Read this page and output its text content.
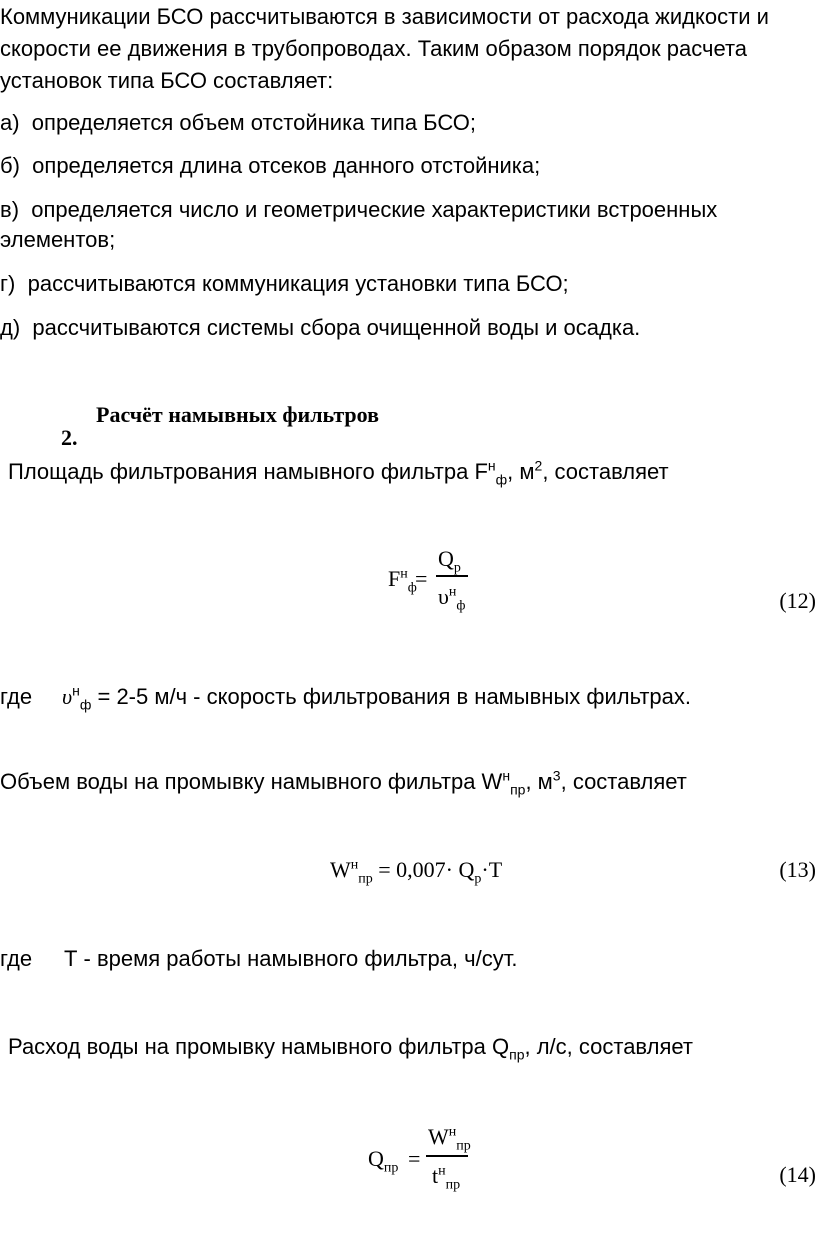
Коммуникации БСО рассчитываются в зависимости от расхода жидкости и
скорости ее движения в трубопроводах. Таким образом порядок расчета
установок типа БСО составляет:
а) определяется объем отстойника типа БСО;
б) определяется длина отсеков данного отстойника;
в) определяется число и геометрические характеристики встроенных
элементов;
г) рассчитываются коммуникация установки типа БСО;
д) рассчитываются системы сбора очищенной воды и осадка.
Расчёт намывных фильтров
2.
Площадь фильтрования намывного фильтра $F^н_ф$, $м^2$, составляет
$F^н_ф$
=
$Q_р$
$\upsilon^н_ф$	(12)
где $\upsilon^н_ф = 2-5$ м/ч - скорость фильтрования в намывных фильтрах.
Объем воды на промывку намывного фильтра $W^н_{пр}$, $м^3$, составляет
$W^н_{пр} = 0,007\cdot Q_р\cdot T$	(13)
где Т - время работы намывного фильтра, ч/сут.
Расход воды на промывку намывного фильтра $Q_{пр}$, л/с, составляет
$Q_{пр}$ =
$W^н_{пр}$
$t^н_{пр}$	(14)
